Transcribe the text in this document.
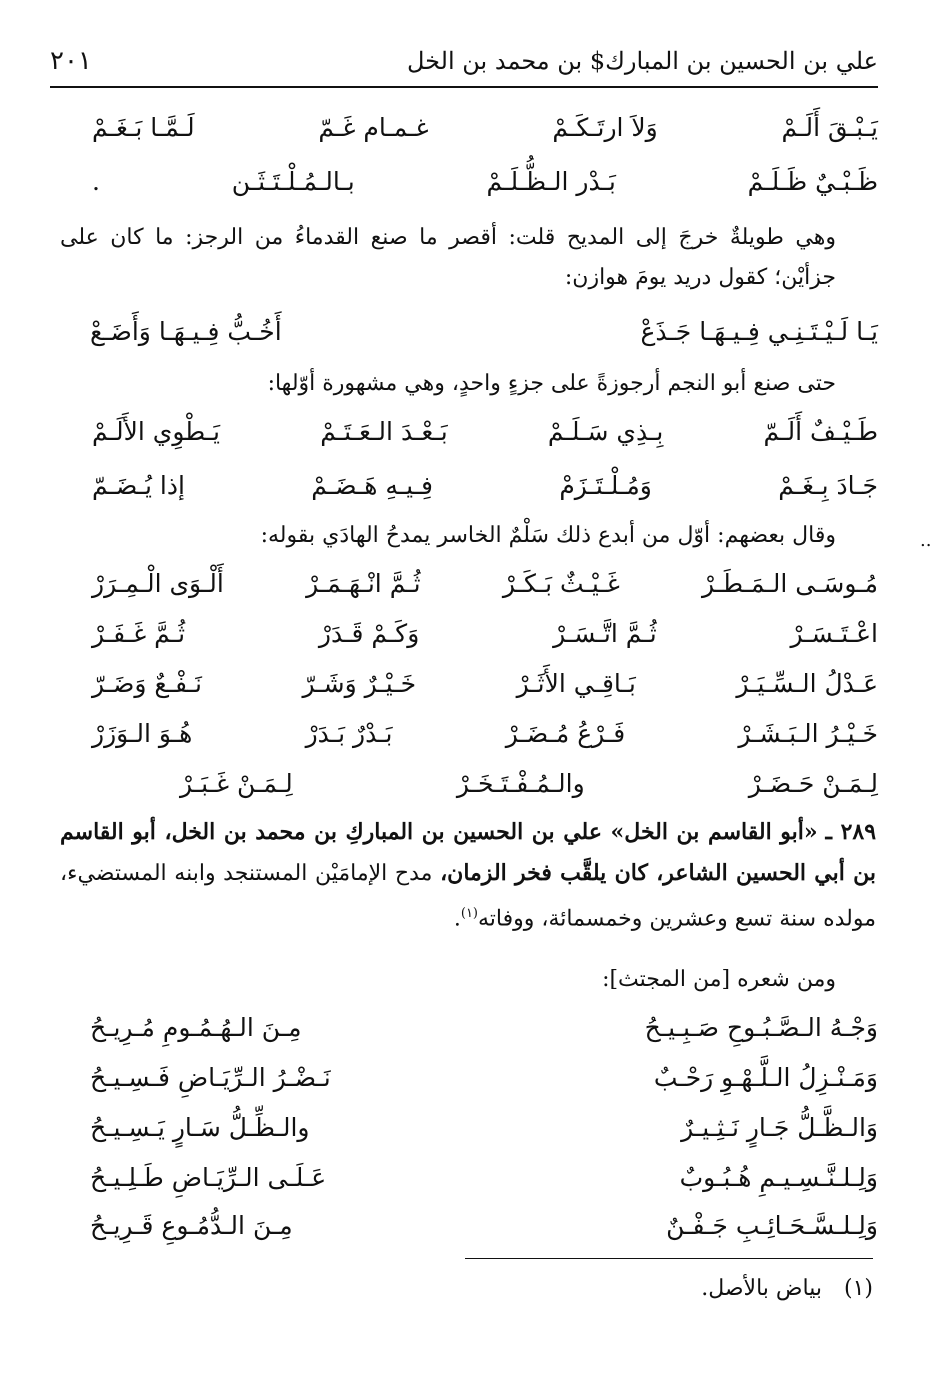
علي بن الحسين بن المبارك$ بن محمد بن الخل
٢٠١
يَـبْـقَ أَلَـمْ
وَلاَ ارتَـكَـمْ
غـمـام غَـمّ
لَـمَّـا بَـغَـمْ
ظَـبْـيٌ ظَـلَـمْ
بَـدْر الـظُّـلَـمْ
بـالـمُـلْـتَـثَـن
.
وهي طويلةٌ خرجَ إلى المديح قلت: أقصر ما صنع القدماءُ من الرجز: ما كان على جزأيْن؛ كقول دريد يومَ هوازن:
يَـا لَـيْـتَـنِـي فِـيـهَـا جَـذَعْ
أَخُـبُّ فِـيـهَـا وَأَضَـعْ
حتى صنع أبو النجم أرجوزةً على جزءٍ واحدٍ، وهي مشهورة أوّلها:
طَـيْـفٌ أَلَـمّ
بِـذِي سَـلَـمْ
بَـعْـدَ الـعَـتَـمْ
يَـطْوِي الأَلَـمْ
جَـادَ بِـغَـمْ
وَمُـلْـتَـزَمْ
فِـيـهِ هَـضَـمْ
إذا يُـضَـمّ
وقال بعضهم: أوّل من أبدع ذلك سَلْمٌ الخاسر يمدحُ الهادَي بقوله:	..
مُـوسَـى الـمَـطَـرْ
غَـيْـثٌ بَـكَـرْ
ثُـمَّ انْـهَـمَـرْ
أَلْـوَى الْـمِـرَرْ
اعْـتَـسَـرْ
ثُـمَّ اتَّـسَـرْ
وَكَـمْ قَـدَرْ
ثُـمَّ غَـفَـرْ
عَـدْلُ الـسِّـيَـرْ
بَـاقِـي الأَثَـرْ
خَـيْـرٌ وَشَـرّ
نَـفْـعٌ وَضَـرّ
خَـيْـرُ الـبَـشَـرْ
فَـرْعُ مُـضَـرْ
بَـدْرٌ بَـدَرْ
هُـوَ الـوَزَرْ
لِـمَـنْ حَـضَـرْ
والـمُـفْـتَـخَـرْ
لِـمَـنْ غَـبَـرْ
٢٨٩ ـ «أبو القاسم بن الخل» علي بن الحسين بن المباركِ بن محمد بن الخل، أبو القاسم بن أبي الحسين الشاعر، كان يلقَّب فخر الزمان، مدح الإمامَيْن المستنجد وابنه المستضيء، مولده سنة تسع وعشرين وخمسمائة، ووفاته$^{(١)}$.
ومن شعره [من المجتث]:
وَجْـهُ الـصَّـبُـوحِ صَـبِـيـحُ
مِـنَ الـهُـمُـومِ مُـرِيـحُ
وَمَـنْـزِلُ الـلَّـهْـوِ رَحْـبٌ
نَـضْـرُ الـرِّيَـاضِ فَـسِـيـحُ
وَالـظَّـلُّ جَـارٍ نَـثِـيـرٌ
والـظِّـلُّ سَـارٍ يَـسِـيـحُ
وَلِـلـنَّـسِـيـمِ هُـبُـوبٌ
عَـلَـى الـرِّيَـاضِ طَـلِـيـحُ
وَلِـلـسَّـحَـائِـبِ جَـفْـنٌ
مِـنَ الـدُّمُـوعِ قَـرِيـحُ
(١)
بياض بالأصل.
